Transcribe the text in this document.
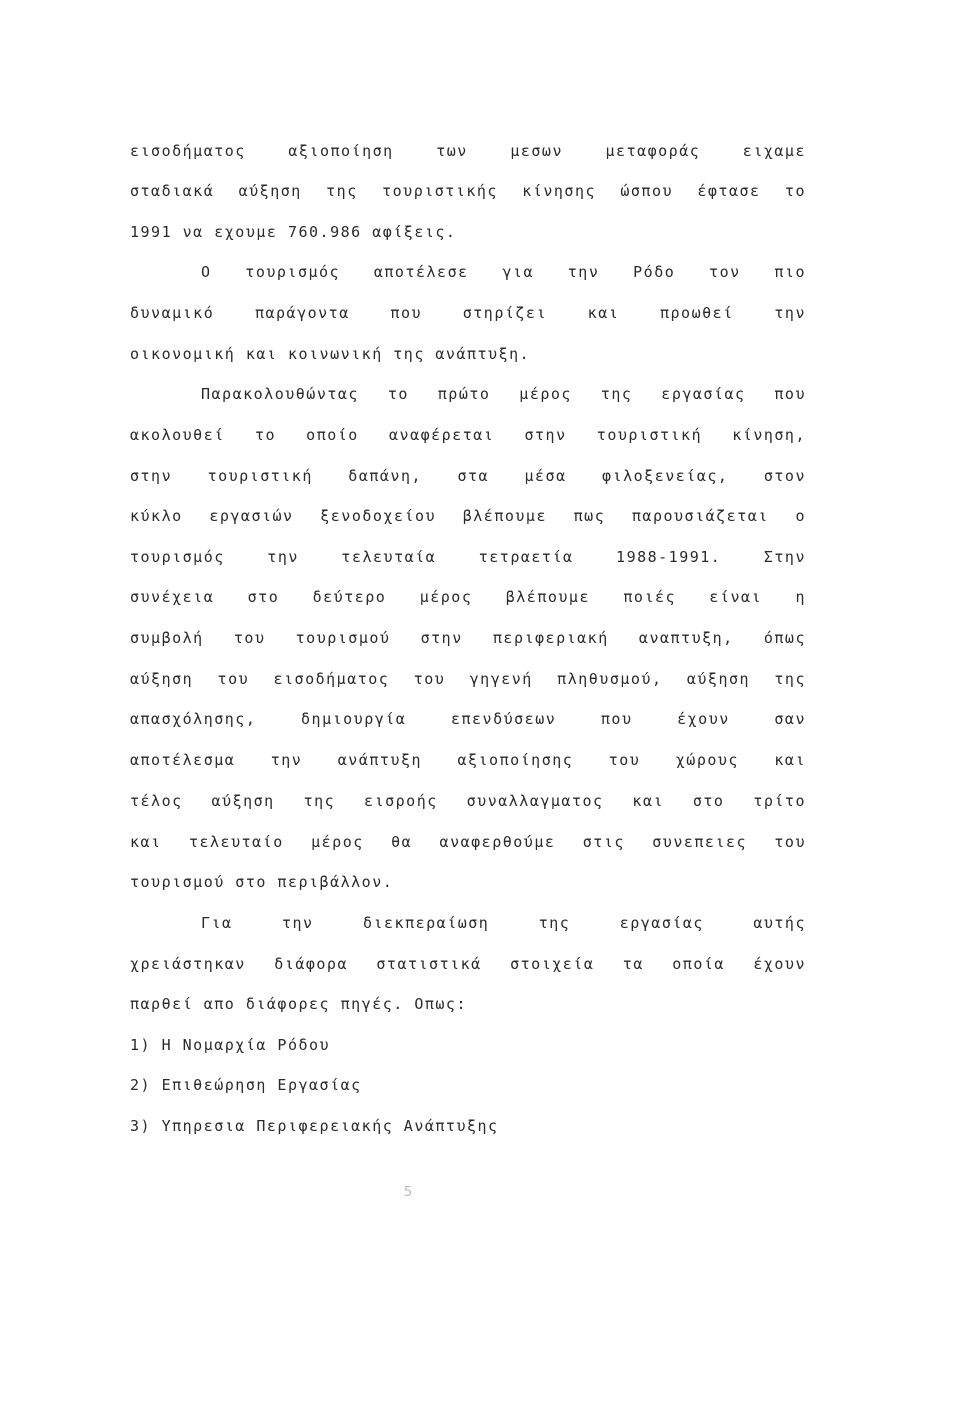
εισοδήματος αξιοποίηση των μεσων μεταφοράς ειχαμε
σταδιακά αύξηση της τουριστικής κίνησης ώσπου έφτασε το
1991 να εχουμε 760.986 αφίξεις.
Ο τουρισμός αποτέλεσε για την Ρόδο τον πιο
δυναμικό παράγοντα που στηρίζει και προωθεί την
οικονομική και κοινωνική της ανάπτυξη.
Παρακολουθώντας το πρώτο μέρος της εργασίας που
ακολουθεί το οποίο αναφέρεται στην τουριστική κίνηση,
στην τουριστική δαπάνη, στα μέσα φιλοξενείας, στον
κύκλο εργασιών ξενοδοχείου βλέπουμε πως παρουσιάζεται ο
τουρισμός την τελευταία τετραετία 1988-1991. Στην
συνέχεια στο δεύτερο μέρος βλέπουμε ποιές είναι η
συμβολή του τουρισμού στην περιφεριακή αναπτυξη, όπως
αύξηση του εισοδήματος του γηγενή πληθυσμού, αύξηση της
απασχόλησης, δημιουργία επενδύσεων που έχουν σαν
αποτέλεσμα την ανάπτυξη αξιοποίησης του χώρους και
τέλος αύξηση της εισροής συναλλαγματος και στο τρίτο
και τελευταίο μέρος θα αναφερθούμε στις συνεπειες του
τουρισμού στο περιβάλλον.
Για την διεκπεραίωση της εργασίας αυτής
χρειάστηκαν διάφορα στατιστικά στοιχεία τα οποία έχουν
παρθεί απο διάφορες πηγές. Οπως:
1) Η Νομαρχία Ρόδου
2) Επιθεώρηση Εργασίας
3) Υπηρεσια Περιφερειακής Ανάπτυξης
5
